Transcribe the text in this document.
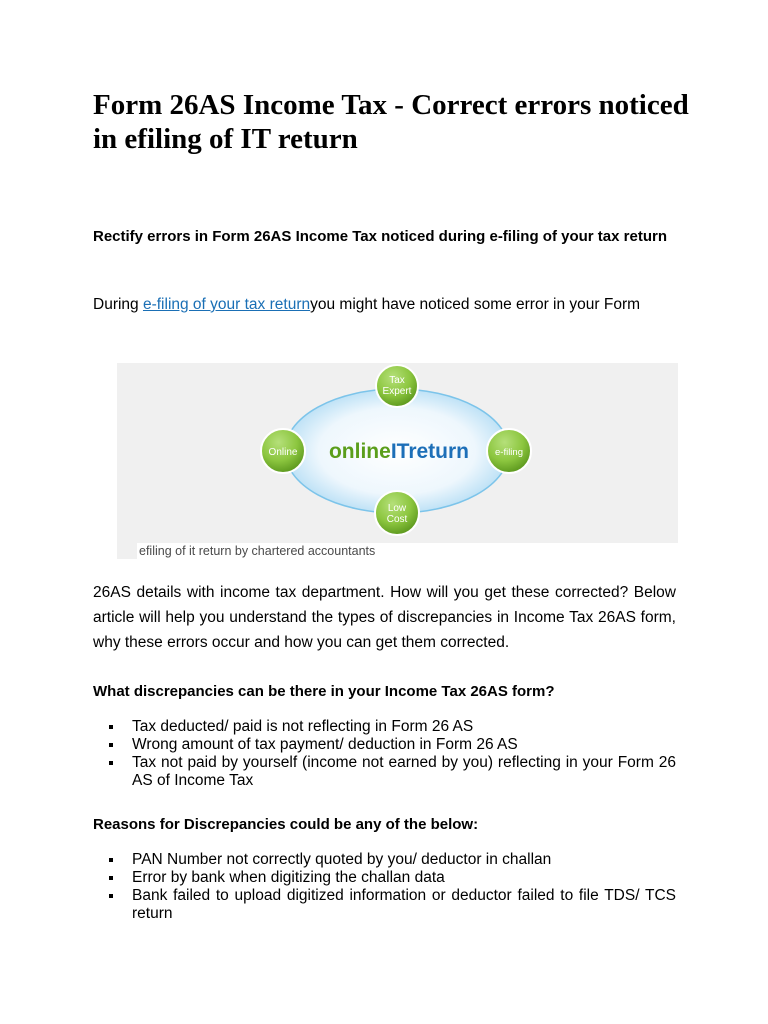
Form 26AS Income Tax - Correct errors noticed in efiling of IT return

Rectify errors in Form 26AS Income Tax noticed during e-filing of your tax return

During e-filing of your tax returnyou might have noticed some error in your Form

Tax
Expert
Online	e-filing
Low
Cost
onlineITreturn
efiling of it return by chartered accountants

26AS details with income tax department. How will you get these corrected? Below article will help you understand the types of discrepancies in Income Tax 26AS form, why these errors occur and how you can get them corrected.

What discrepancies can be there in your Income Tax 26AS form?
Tax deducted/ paid is not reflecting in Form 26 AS
Wrong amount of tax payment/ deduction in Form 26 AS
Tax not paid by yourself (income not earned by you) reflecting in your Form 26 AS of Income Tax
Reasons for Discrepancies could be any of the below:
PAN Number not correctly quoted by you/ deductor in challan
Error by bank when digitizing the challan data
Bank failed to upload digitized information or deductor failed to file TDS/ TCS return
